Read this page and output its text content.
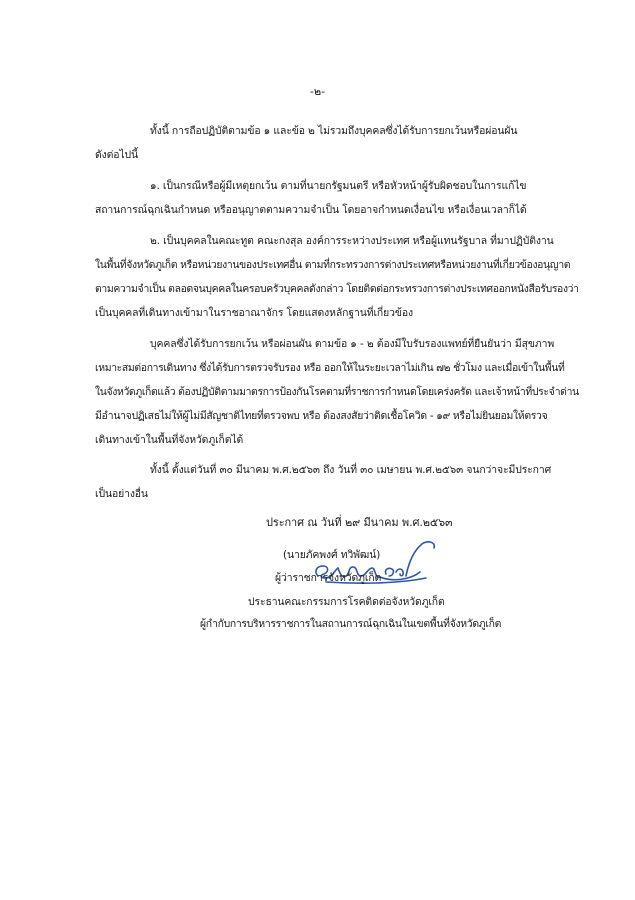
-๒-
ทั้งนี้ การถือปฏิบัติตามข้อ ๑ และข้อ ๒ ไม่รวมถึงบุคคลซึ่งได้รับการยกเว้นหรือผ่อนผัน
ดังต่อไปนี้
๑. เป็นกรณีหรือผู้มีเหตุยกเว้น ตามที่นายกรัฐมนตรี หรือหัวหน้าผู้รับผิดชอบในการแก้ไข
สถานการณ์ฉุกเฉินกำหนด หรืออนุญาตตามความจำเป็น โดยอาจกำหนดเงื่อนไข หรือเงื่อนเวลาก็ได้
๒. เป็นบุคคลในคณะทูต คณะกงสุล องค์การระหว่างประเทศ หรือผู้แทนรัฐบาล ที่มาปฏิบัติงาน
ในพื้นที่จังหวัดภูเก็ต หรือหน่วยงานของประเทศอื่น ตามที่กระทรวงการต่างประเทศหรือหน่วยงานที่เกี่ยวข้องอนุญาต
ตามความจำเป็น ตลอดจนบุคคลในครอบครัวบุคคลดังกล่าว โดยติดต่อกระทรวงการต่างประเทศออกหนังสือรับรองว่า
เป็นบุคคลที่เดินทางเข้ามาในราชอาณาจักร โดยแสดงหลักฐานที่เกี่ยวข้อง
บุคคลซึ่งได้รับการยกเว้น หรือผ่อนผัน ตามข้อ ๑ - ๒ ต้องมีใบรับรองแพทย์ที่ยืนยันว่า มีสุขภาพ
เหมาะสมต่อการเดินทาง ซึ่งได้รับการตรวจรับรอง หรือ ออกให้ในระยะเวลาไม่เกิน ๗๒ ชั่วโมง และเมื่อเข้าในพื้นที่
ในจังหวัดภูเก็ตแล้ว ต้องปฏิบัติตามมาตรการป้องกันโรคตามที่ราชการกำหนดโดยเคร่งครัด และเจ้าหน้าที่ประจำด่าน
มีอำนาจปฏิเสธไม่ให้ผู้ไม่มีสัญชาติไทยที่ตรวจพบ หรือ ต้องสงสัยว่าติดเชื้อโควิด - ๑๙ หรือไม่ยินยอมให้ตรวจ
เดินทางเข้าในพื้นที่จังหวัดภูเก็ตได้
ทั้งนี้ ตั้งแต่วันที่ ๓๐ มีนาคม พ.ศ.๒๕๖๓ ถึง วันที่ ๓๐ เมษายน พ.ศ.๒๕๖๓ จนกว่าจะมีประกาศ
เป็นอย่างอื่น
ประกาศ ณ วันที่ ๒๙ มีนาคม พ.ศ.๒๕๖๓
(นายภัคพงศ์ ทวิพัฒน์)
ผู้ว่าราชการจังหวัดภูเก็ต
ประธานคณะกรรมการโรคติดต่อจังหวัดภูเก็ต
ผู้กำกับการบริหารราชการในสถานการณ์ฉุกเฉินในเขตพื้นที่จังหวัดภูเก็ต
